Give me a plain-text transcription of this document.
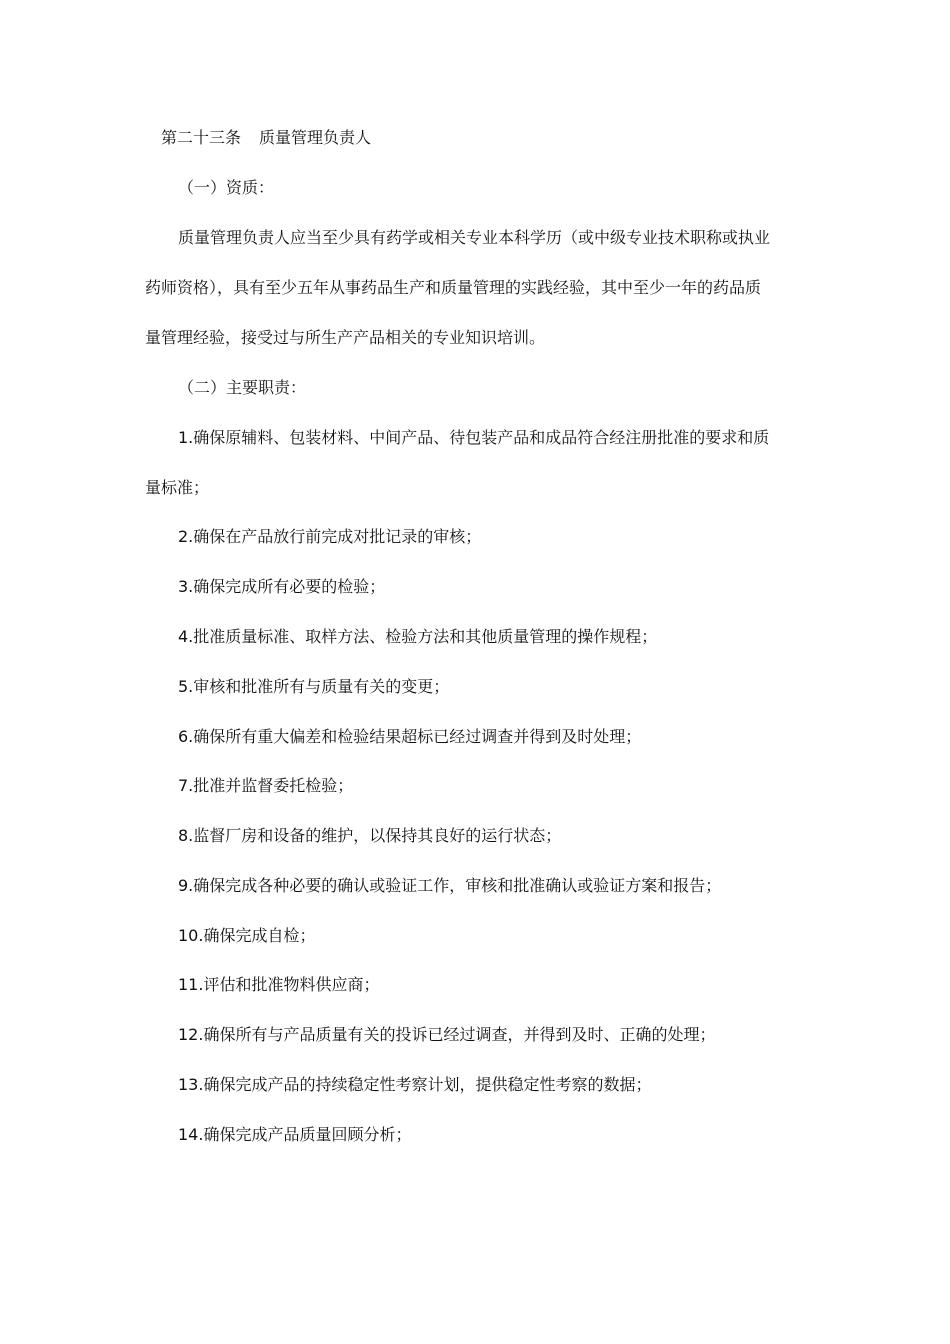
第二十三条 质量管理负责人
（一）资质：
质量管理负责人应当至少具有药学或相关专业本科学历（或中级专业技术职称或执业
药师资格），具有至少五年从事药品生产和质量管理的实践经验，其中至少一年的药品质
量管理经验，接受过与所生产产品相关的专业知识培训。
（二）主要职责：
1.确保原辅料、包装材料、中间产品、待包装产品和成品符合经注册批准的要求和质
量标准；
2.确保在产品放行前完成对批记录的审核；
3.确保完成所有必要的检验；
4.批准质量标准、取样方法、检验方法和其他质量管理的操作规程；
5.审核和批准所有与质量有关的变更；
6.确保所有重大偏差和检验结果超标已经过调查并得到及时处理；
7.批准并监督委托检验；
8.监督厂房和设备的维护，以保持其良好的运行状态；
9.确保完成各种必要的确认或验证工作，审核和批准确认或验证方案和报告；
10.确保完成自检；
11.评估和批准物料供应商；
12.确保所有与产品质量有关的投诉已经过调查，并得到及时、正确的处理；
13.确保完成产品的持续稳定性考察计划，提供稳定性考察的数据；
14.确保完成产品质量回顾分析；
